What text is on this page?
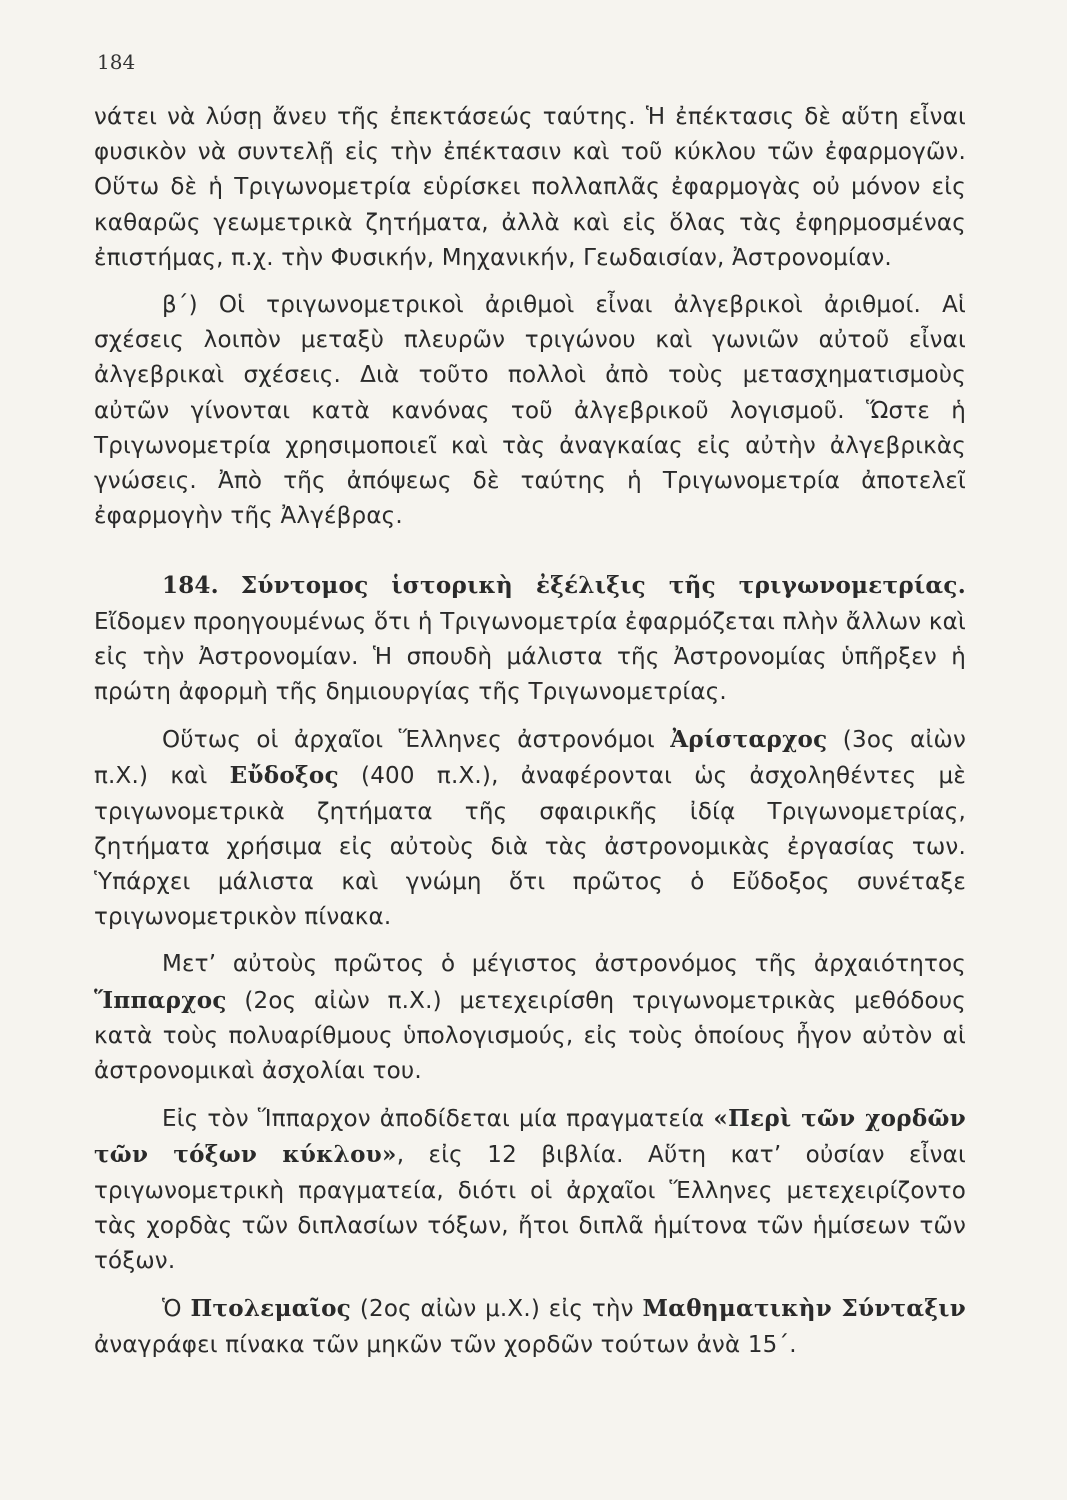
184

νάτει νὰ λύσῃ ἄνευ τῆς ἐπεκτάσεώς ταύτης. Ἡ ἐπέκτασις δὲ αὕτη εἶναι φυσικὸν νὰ συντελῇ εἰς τὴν ἐπέκτασιν καὶ τοῦ κύκλου τῶν ἐφαρμογῶν. Οὕτω δὲ ἡ Τριγωνομετρία εὑρίσκει πολλαπλᾶς ἐφαρμογὰς οὐ μόνον εἰς καθαρῶς γεωμετρικὰ ζητήματα, ἀλλὰ καὶ εἰς ὅλας τὰς ἐφηρμοσμένας ἐπιστήμας, π.χ. τὴν Φυσικήν, Μηχανικήν, Γεωδαισίαν, Ἀστρονομίαν.

β΄) Οἱ τριγωνομετρικοὶ ἀριθμοὶ εἶναι ἀλγεβρικοὶ ἀριθμοί. Αἱ σχέσεις λοιπὸν μεταξὺ πλευρῶν τριγώνου καὶ γωνιῶν αὐτοῦ εἶναι ἀλγεβρικαὶ σχέσεις. Διὰ τοῦτο πολλοὶ ἀπὸ τοὺς μετασχηματισμοὺς αὐτῶν γίνονται κατὰ κανόνας τοῦ ἀλγεβρικοῦ λογισμοῦ. Ὥστε ἡ Τριγωνομετρία χρησιμοποιεῖ καὶ τὰς ἀναγκαίας εἰς αὐτὴν ἀλγεβρικὰς γνώσεις. Ἀπὸ τῆς ἀπόψεως δὲ ταύτης ἡ Τριγωνομετρία ἀποτελεῖ ἐφαρμογὴν τῆς Ἀλγέβρας.

184. Σύντομος ἱστορικὴ ἐξέλιξις τῆς τριγωνομετρίας. Εἴδομεν προηγουμένως ὅτι ἡ Τριγωνομετρία ἐφαρμόζεται πλὴν ἄλλων καὶ εἰς τὴν Ἀστρονομίαν. Ἡ σπουδὴ μάλιστα τῆς Ἀστρονομίας ὑπῆρξεν ἡ πρώτη ἀφορμὴ τῆς δημιουργίας τῆς Τριγωνομετρίας.

Οὕτως οἱ ἀρχαῖοι Ἕλληνες ἀστρονόμοι Ἀρίσταρχος (3ος αἰὼν π.Χ.) καὶ Εὔδοξος (400 π.Χ.), ἀναφέρονται ὡς ἀσχοληθέντες μὲ τριγωνομετρικὰ ζητήματα τῆς σφαιρικῆς ἰδίᾳ Τριγωνομετρίας, ζητήματα χρήσιμα εἰς αὐτοὺς διὰ τὰς ἀστρονομικὰς ἐργασίας των. Ὑπάρχει μάλιστα καὶ γνώμη ὅτι πρῶτος ὁ Εὔδοξος συνέταξε τριγωνομετρικὸν πίνακα.

Μετ’ αὐτοὺς πρῶτος ὁ μέγιστος ἀστρονόμος τῆς ἀρχαιότητος Ἵππαρχος (2ος αἰὼν π.Χ.) μετεχειρίσθη τριγωνομετρικὰς μεθόδους κατὰ τοὺς πολυαρίθμους ὑπολογισμούς, εἰς τοὺς ὁποίους ἦγον αὐτὸν αἱ ἀστρονομικαὶ ἀσχολίαι του.

Εἰς τὸν Ἵππαρχον ἀποδίδεται μία πραγματεία «Περὶ τῶν χορδῶν τῶν τόξων κύκλου», εἰς 12 βιβλία. Αὕτη κατ’ οὐσίαν εἶναι τριγωνομετρικὴ πραγματεία, διότι οἱ ἀρχαῖοι Ἕλληνες μετεχειρίζοντο τὰς χορδὰς τῶν διπλασίων τόξων, ἤτοι διπλᾶ ἡμίτονα τῶν ἡμίσεων τῶν τόξων.

Ὁ Πτολεμαῖος (2ος αἰὼν μ.Χ.) εἰς τὴν Μαθηματικὴν Σύνταξιν ἀναγράφει πίνακα τῶν μηκῶν τῶν χορδῶν τούτων ἀνὰ 15΄.
